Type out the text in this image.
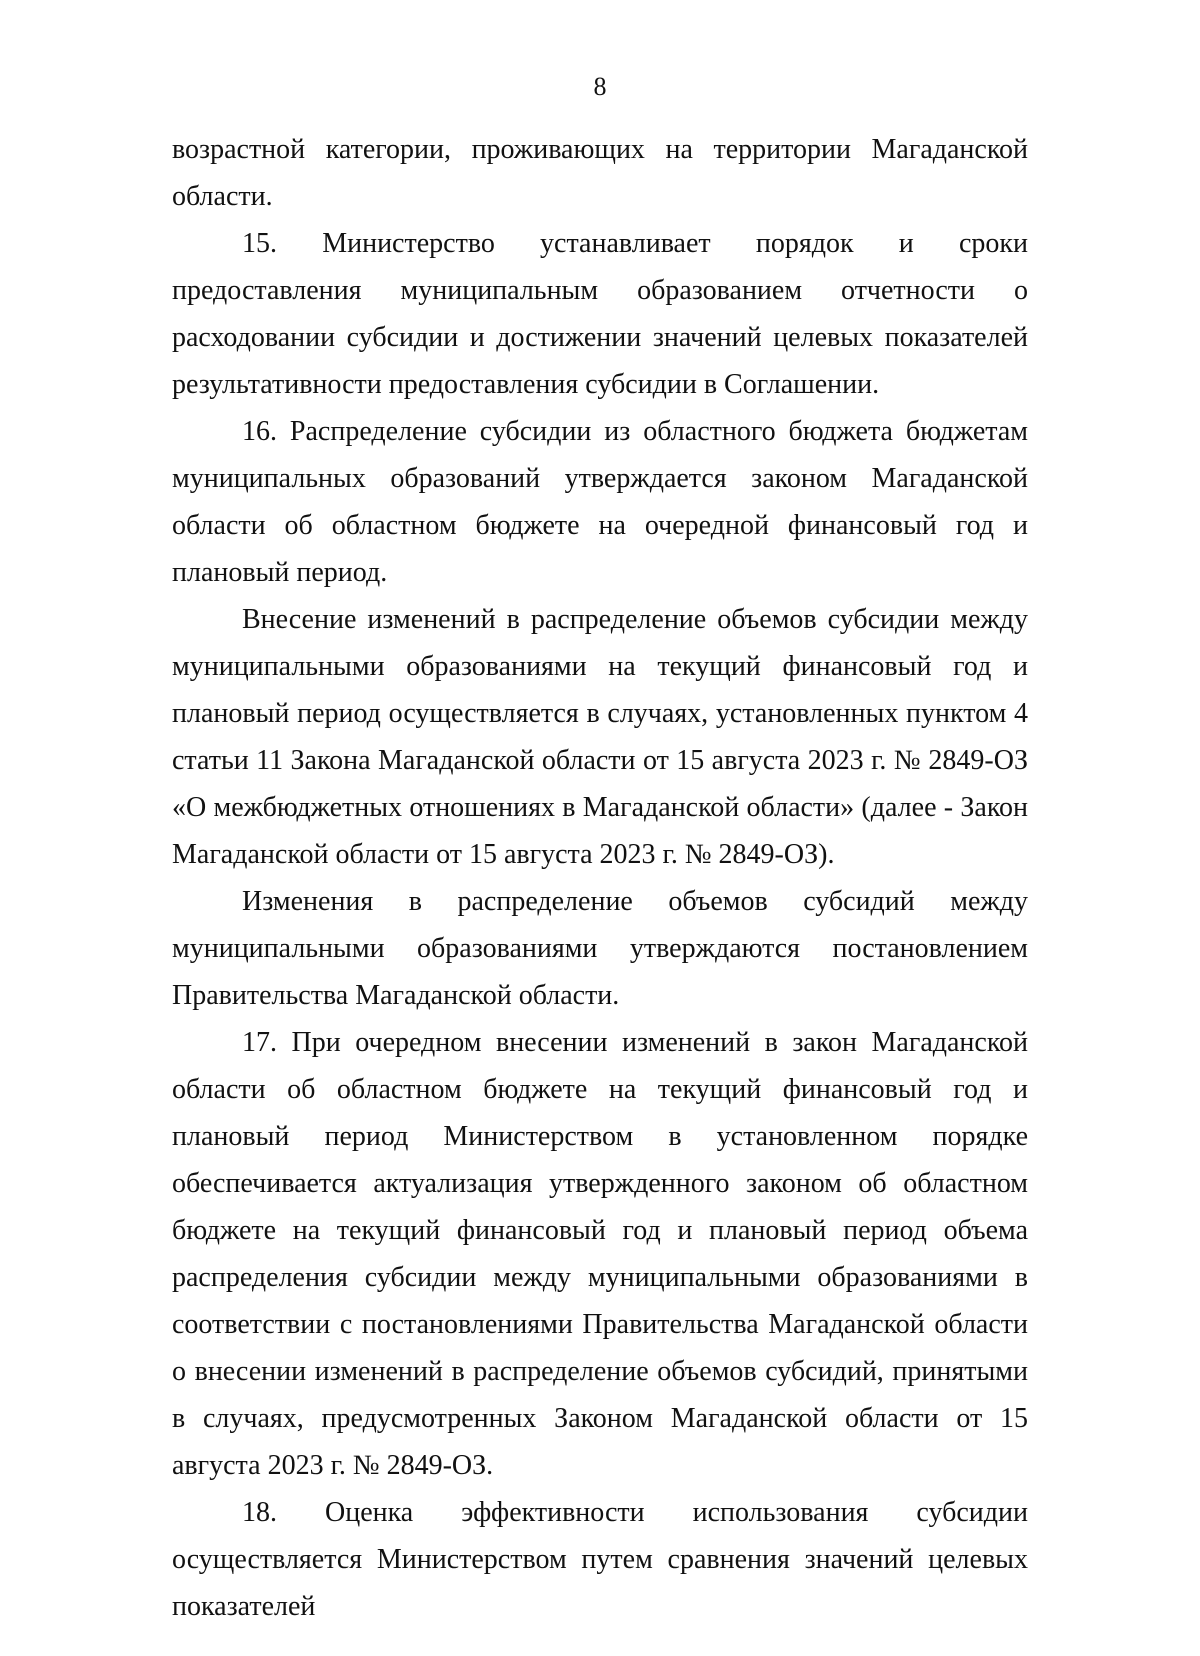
8

возрастной категории, проживающих на территории Магаданской области.

15. Министерство устанавливает порядок и сроки предоставления муниципальным образованием отчетности о расходовании субсидии и достижении значений целевых показателей результативности предоставления субсидии в Соглашении.

16. Распределение субсидии из областного бюджета бюджетам муниципальных образований утверждается законом Магаданской области об областном бюджете на очередной финансовый год и плановый период.

Внесение изменений в распределение объемов субсидии между муниципальными образованиями на текущий финансовый год и плановый период осуществляется в случаях, установленных пунктом 4 статьи 11 Закона Магаданской области от 15 августа 2023 г. № 2849-ОЗ «О межбюджетных отношениях в Магаданской области» (далее - Закон Магаданской области от 15 августа 2023 г. № 2849-ОЗ).

Изменения в распределение объемов субсидий между муниципальными образованиями утверждаются постановлением Правительства Магаданской области.

17. При очередном внесении изменений в закон Магаданской области об областном бюджете на текущий финансовый год и плановый период Министерством в установленном порядке обеспечивается актуализация утвержденного законом об областном бюджете на текущий финансовый год и плановый период объема распределения субсидии между муниципальными образованиями в соответствии с постановлениями Правительства Магаданской области о внесении изменений в распределение объемов субсидий, принятыми в случаях, предусмотренных Законом Магаданской области от 15 августа 2023 г. № 2849-ОЗ.

18. Оценка эффективности использования субсидии осуществляется Министерством путем сравнения значений целевых показателей
